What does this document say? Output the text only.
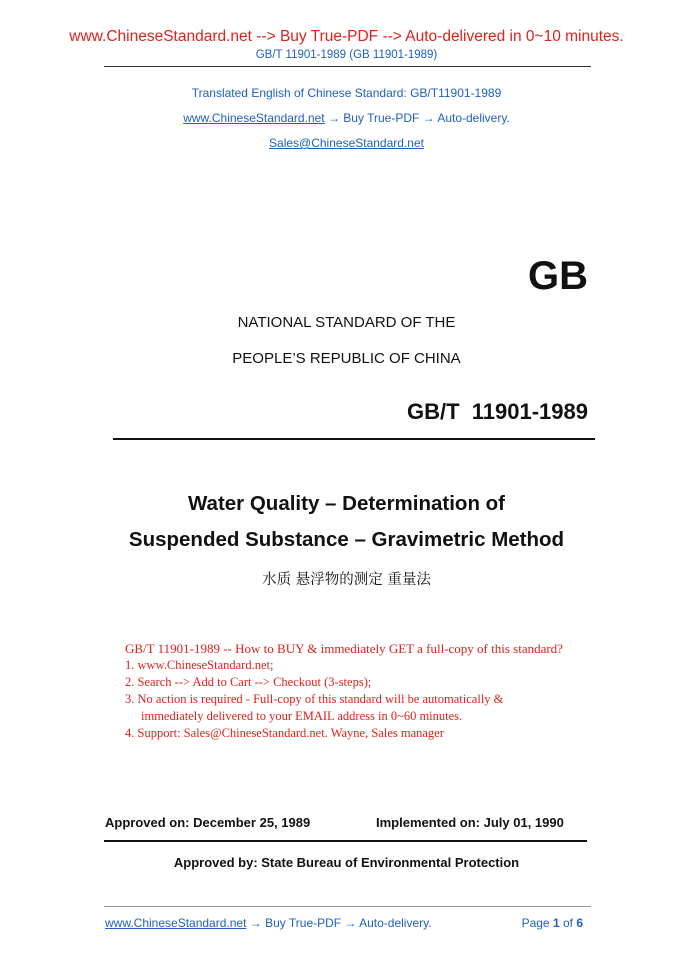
www.ChineseStandard.net --> Buy True-PDF --> Auto-delivered in 0~10 minutes.
GB/T 11901-1989 (GB 11901-1989)
Translated English of Chinese Standard: GB/T11901-1989
www.ChineseStandard.net → Buy True-PDF → Auto-delivery.
Sales@ChineseStandard.net
GB
NATIONAL STANDARD OF THE
PEOPLE’S REPUBLIC OF CHINA
GB/T  11901-1989
Water Quality – Determination of
Suspended Substance – Gravimetric Method
水质 悬浮物的测定 重量法
GB/T 11901-1989 -- How to BUY & immediately GET a full-copy of this standard?
1. www.ChineseStandard.net;
2. Search --> Add to Cart --> Checkout (3-steps);
3. No action is required - Full-copy of this standard will be automatically &
immediately delivered to your EMAIL address in 0~60 minutes.
4. Support: Sales@ChineseStandard.net. Wayne, Sales manager
Approved on: December 25, 1989	Implemented on: July 01, 1990
Approved by: State Bureau of Environmental Protection
www.ChineseStandard.net → Buy True-PDF → Auto-delivery.	Page 1 of 6
